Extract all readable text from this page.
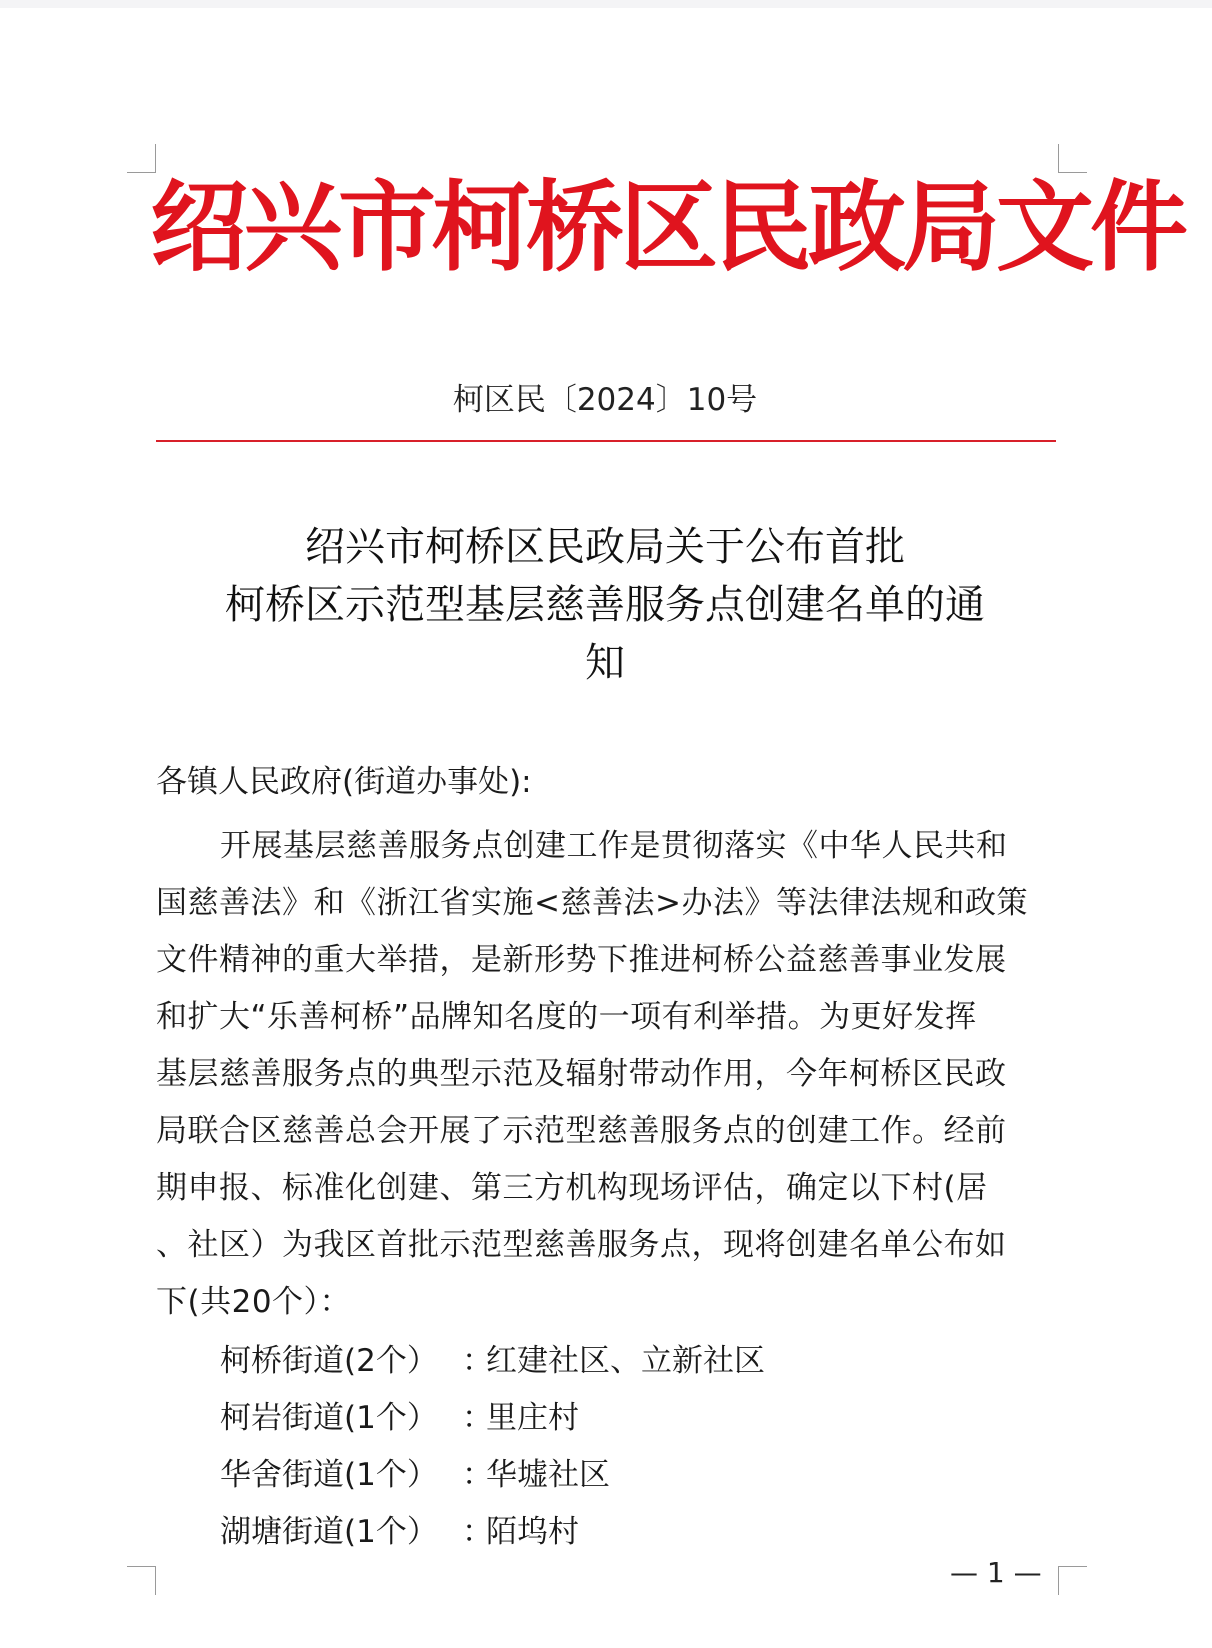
绍兴市柯桥区民政局文件
柯区民〔2024〕10号
绍兴市柯桥区民政局关于公布首批
柯桥区示范型基层慈善服务点创建名单的通
知
各镇人民政府(街道办事处):
开展基层慈善服务点创建工作是贯彻落实《中华人民共和
国慈善法》和《浙江省实施<慈善法>办法》等法律法规和政策
文件精神的重大举措，是新形势下推进柯桥公益慈善事业发展
和扩大“乐善柯桥”品牌知名度的一项有利举措。为更好发挥
基层慈善服务点的典型示范及辐射带动作用，今年柯桥区民政
局联合区慈善总会开展了示范型慈善服务点的创建工作。经前
期申报、标准化创建、第三方机构现场评估，确定以下村(居
、社区）为我区首批示范型慈善服务点，现将创建名单公布如
下(共20个）：
柯桥街道(2个） ：红建社区、立新社区
柯岩街道(1个） ：里庄村
华舍街道(1个） ：华墟社区
湖塘街道(1个） ：陌坞村
— 1 —
